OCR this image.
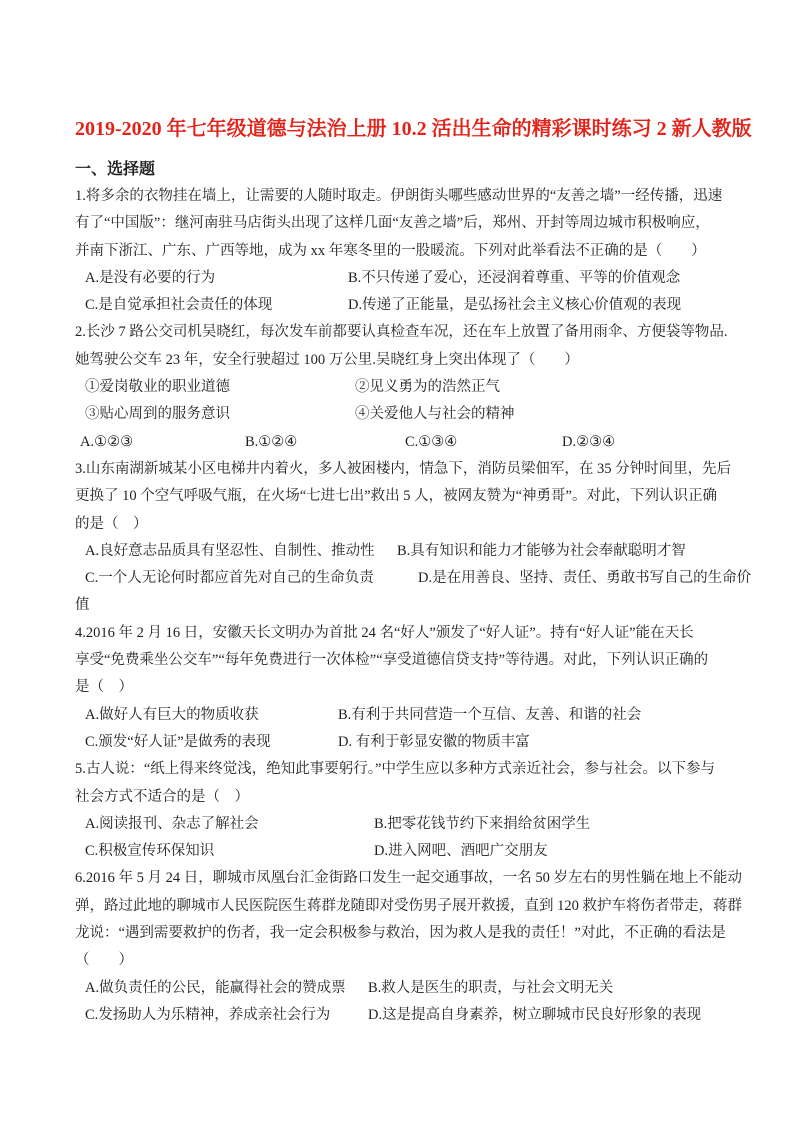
2019-2020 年七年级道德与法治上册 10.2 活出生命的精彩课时练习 2 新人教版
一、选择题
1.将多余的衣物挂在墙上，让需要的人随时取走。伊朗街头哪些感动世界的“友善之墙”一经传播，迅速
有了“中国版”：继河南驻马店街头出现了这样几面“友善之墙”后，郑州、开封等周边城市积极响应，
并南下浙江、广东、广西等地，成为 xx 年寒冬里的一股暖流。下列对此举看法不正确的是（　　）
A.是没有必要的行为	B.不只传递了爱心，还浸润着尊重、平等的价值观念
C.是自觉承担社会责任的体现	D.传递了正能量，是弘扬社会主义核心价值观的表现
2.长沙 7 路公交司机吴晓红，每次发车前都要认真检查车况，还在车上放置了备用雨伞、方便袋等物品.
她驾驶公交车 23 年，安全行驶超过 100 万公里.吴晓红身上突出体现了（　　）
①爱岗敬业的职业道德	②见义勇为的浩然正气
③贴心周到的服务意识	④关爱他人与社会的精神
A.①②③	B.①②④	C.①③④	D.②③④
3.山东南湖新城某小区电梯井内着火，多人被困楼内，情急下，消防员梁佃军，在 35 分钟时间里，先后
更换了 10 个空气呼吸气瓶，在火场“七进七出”救出 5 人，被网友赞为“神勇哥”。对此，下列认识正确
的是（　）
A.良好意志品质具有坚忍性、自制性、推动性	B.具有知识和能力才能够为社会奉献聪明才智
C.一个人无论何时都应首先对自己的生命负责	D.是在用善良、坚持、责任、勇敢书写自己的生命价
值
4.2016 年 2 月 16 日，安徽天长文明办为首批 24 名“好人”颁发了“好人证”。持有“好人证”能在天长
享受“免费乘坐公交车”“每年免费进行一次体检”“享受道德信贷支持”等待遇。对此，下列认识正确的
是（　）
A.做好人有巨大的物质收获	B.有利于共同营造一个互信、友善、和谐的社会
C.颁发“好人证”是做秀的表现	D. 有利于彰显安徽的物质丰富
5.古人说：“纸上得来终觉浅，绝知此事要躬行。”中学生应以多种方式亲近社会，参与社会。以下参与
社会方式不适合的是（　）
A.阅读报刊、杂志了解社会	B.把零花钱节约下来捐给贫困学生
C.积极宣传环保知识	D.进入网吧、酒吧广交朋友
6.2016 年 5 月 24 日，聊城市凤凰台汇金街路口发生一起交通事故，一名 50 岁左右的男性躺在地上不能动
弹，路过此地的聊城市人民医院医生蒋群龙随即对受伤男子展开救援，直到 120 救护车将伤者带走，蒋群
龙说：“遇到需要救护的伤者，我一定会积极参与救治，因为救人是我的责任！”对此，不正确的看法是
（　　）
A.做负责任的公民，能赢得社会的赞成票	B.救人是医生的职责，与社会文明无关
C.发扬助人为乐精神，养成亲社会行为	D.这是提高自身素养，树立聊城市民良好形象的表现
